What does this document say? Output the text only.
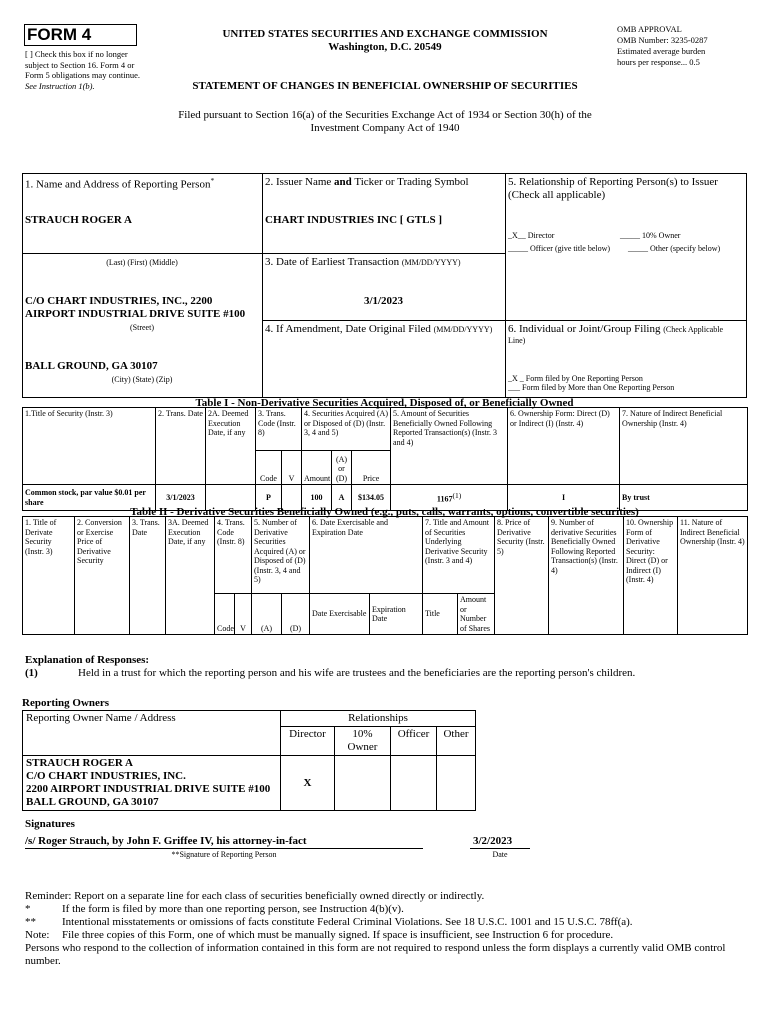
FORM 4
[ ] Check this box if no longer subject to Section 16. Form 4 or Form 5 obligations may continue. See Instruction 1(b).
UNITED STATES SECURITIES AND EXCHANGE COMMISSION
Washington, D.C. 20549
STATEMENT OF CHANGES IN BENEFICIAL OWNERSHIP OF SECURITIES
OMB APPROVAL
OMB Number: 3235-0287
Estimated average burden
hours per response... 0.5
Filed pursuant to Section 16(a) of the Securities Exchange Act of 1934 or Section 30(h) of the
Investment Company Act of 1940
1. Name and Address of Reporting Person*
STRAUCH ROGER A
(Last) (First) (Middle)
C/O CHART INDUSTRIES, INC., 2200
AIRPORT INDUSTRIAL DRIVE SUITE #100
(Street)
BALL GROUND, GA 30107
(City) (State) (Zip)
2. Issuer Name and Ticker or Trading Symbol
CHART INDUSTRIES INC [ GTLS ]
3. Date of Earliest Transaction (MM/DD/YYYY)
3/1/2023
4. If Amendment, Date Original Filed (MM/DD/YYYY)
5. Relationship of Reporting Person(s) to Issuer
(Check all applicable)
_X__ Director	_____ 10% Owner
_____ Officer (give title below) _____ Other (specify below)
6. Individual or Joint/Group Filing (Check Applicable
Line)
_X _ Form filed by One Reporting Person
___ Form filed by More than One Reporting Person
Table I - Non-Derivative Securities Acquired, Disposed of, or Beneficially Owned
1.Title of Security (Instr. 3)	2. Trans. Date	2A. Deemed Execution Date, if any	3. Trans. Code (Instr. 8)		4. Securities Acquired (A) or Disposed of (D) (Instr. 3, 4 and 5)			5. Amount of Securities Beneficially Owned Following Reported Transaction(s) (Instr. 3 and 4)	6. Ownership Form: Direct (D) or Indirect (I) (Instr. 4)	7. Nature of Indirect Beneficial Ownership (Instr. 4)
			Code	V	Amount	(A) or (D)	Price			
Common stock, par value $0.01 per share	3/1/2023		P		100	A	$134.05	1167$^{(1)}$	I	By trust
Table II - Derivative Securities Beneficially Owned (e.g., puts, calls, warrants, options, convertible securities)
1. Title of Derivate Security (Instr. 3)	2. Conversion or Exercise Price of Derivative Security	3. Trans. Date	3A. Deemed Execution Date, if any	4. Trans. Code (Instr. 8)		5. Number of Derivative Securities Acquired (A) or Disposed of (D) (Instr. 3, 4 and 5)		6. Date Exercisable and Expiration Date		7. Title and Amount of Securities Underlying Derivative Security (Instr. 3 and 4)		8. Price of Derivative Security (Instr. 5)	9. Number of derivative Securities Beneficially Owned Following Reported Transaction(s) (Instr. 4)	10. Ownership Form of Derivative Security: Direct (D) or Indirect (I) (Instr. 4)	11. Nature of Indirect Beneficial Ownership (Instr. 4)
				Code	V	(A)	(D)	Date Exercisable	Expiration Date	Title	Amount or Number of Shares				
Explanation of Responses:
(1)	Held in a trust for which the reporting person and his wife are trustees and the beneficiaries are the reporting person's children.
Reporting Owners
Reporting Owner Name / Address	Relationships			
	Director	10% Owner	Officer	Other

STRAUCH ROGER A
C/O CHART INDUSTRIES, INC.
2200 AIRPORT INDUSTRIAL DRIVE SUITE #100
BALL GROUND, GA 30107	X			
Signatures
/s/ Roger Strauch, by John F. Griffee IV, his attorney-in-fact
**Signature of Reporting Person
3/2/2023
Date
Reminder: Report on a separate line for each class of securities beneficially owned directly or indirectly.
*	If the form is filed by more than one reporting person, see Instruction 4(b)(v).
** Intentional misstatements or omissions of facts constitute Federal Criminal Violations. See 18 U.S.C. 1001 and 15 U.S.C. 78ff(a).
Note: File three copies of this Form, one of which must be manually signed. If space is insufficient, see Instruction 6 for procedure.
Persons who respond to the collection of information contained in this form are not required to respond unless the form displays a currently valid OMB control number.
